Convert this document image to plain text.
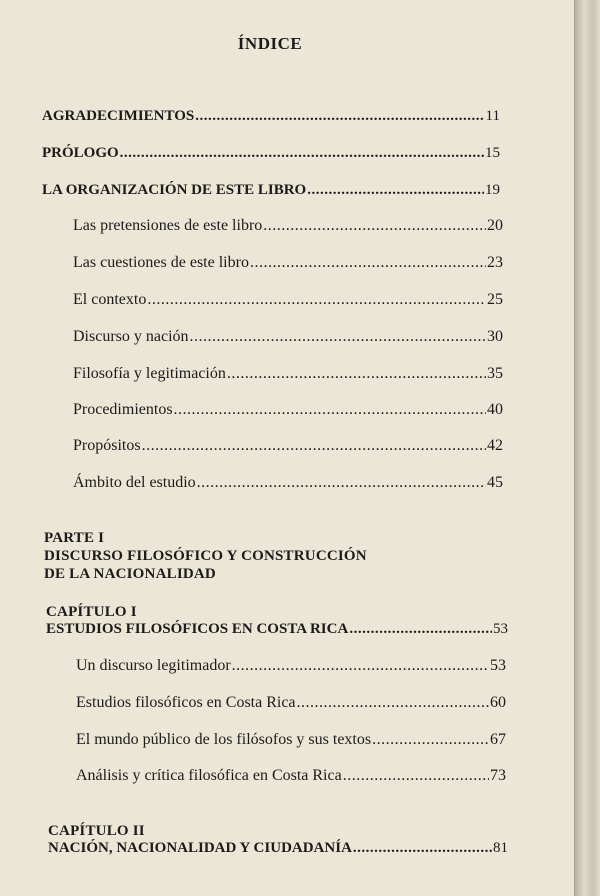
ÍNDICE
AGRADECIMIENTOS .....	11
PRÓLOGO .....	15
LA ORGANIZACIÓN DE ESTE LIBRO .....	19
Las pretensiones de este libro .....	20
Las cuestiones de este libro .....	23
El contexto .....	25
Discurso y nación .....	30
Filosofía y legitimación .....	35
Procedimientos .....	40
Propósitos .....	42
Ámbito del estudio .....	45
PARTE I
DISCURSO FILOSÓFICO Y CONSTRUCCIÓN
DE LA NACIONALIDAD
CAPÍTULO I
ESTUDIOS FILOSÓFICOS EN COSTA RICA .....	53
Un discurso legitimador .....	53
Estudios filosóficos en Costa Rica .....	60
El mundo público de los filósofos y sus textos .....	67
Análisis y crítica filosófica en Costa Rica .....	73
CAPÍTULO II
NACIÓN, NACIONALIDAD Y CIUDADANÍA .....	81
